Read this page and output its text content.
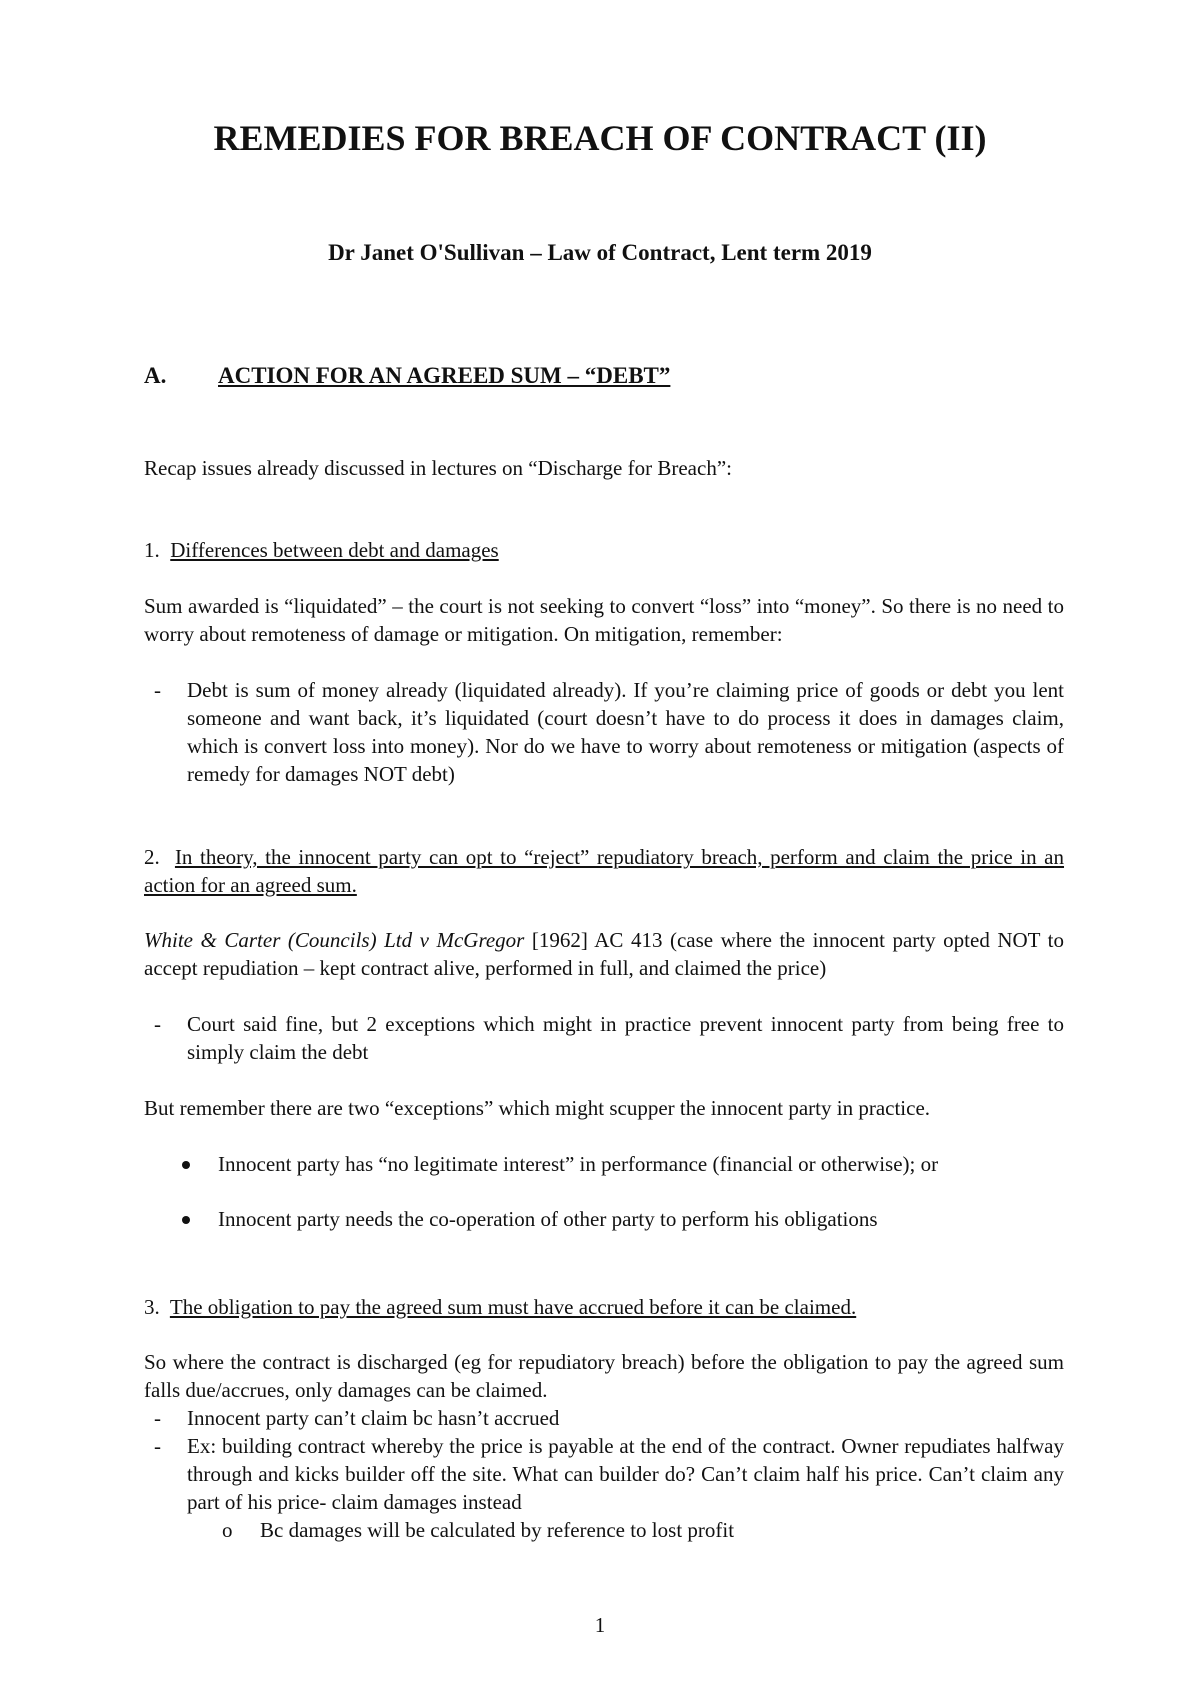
REMEDIES FOR BREACH OF CONTRACT (II)
Dr Janet O'Sullivan – Law of Contract, Lent term 2019
A. ACTION FOR AN AGREED SUM – “DEBT”
Recap issues already discussed in lectures on “Discharge for Breach”:
1. Differences between debt and damages
Sum awarded is “liquidated” – the court is not seeking to convert “loss” into “money”. So there is no need to worry about remoteness of damage or mitigation. On mitigation, remember:
- Debt is sum of money already (liquidated already). If you’re claiming price of goods or debt you lent someone and want back, it’s liquidated (court doesn’t have to do process it does in damages claim, which is convert loss into money). Nor do we have to worry about remoteness or mitigation (aspects of remedy for damages NOT debt)
2. In theory, the innocent party can opt to “reject” repudiatory breach, perform and claim the price in an action for an agreed sum.
White & Carter (Councils) Ltd v McGregor [1962] AC 413 (case where the innocent party opted NOT to accept repudiation – kept contract alive, performed in full, and claimed the price)
- Court said fine, but 2 exceptions which might in practice prevent innocent party from being free to simply claim the debt
But remember there are two “exceptions” which might scupper the innocent party in practice.
Innocent party has “no legitimate interest” in performance (financial or otherwise); or
Innocent party needs the co-operation of other party to perform his obligations
3. The obligation to pay the agreed sum must have accrued before it can be claimed.
So where the contract is discharged (eg for repudiatory breach) before the obligation to pay the agreed sum falls due/accrues, only damages can be claimed.
- Innocent party can’t claim bc hasn’t accrued
- Ex: building contract whereby the price is payable at the end of the contract. Owner repudiates halfway through and kicks builder off the site. What can builder do? Can’t claim half his price. Can’t claim any part of his price- claim damages instead
o Bc damages will be calculated by reference to lost profit
1
